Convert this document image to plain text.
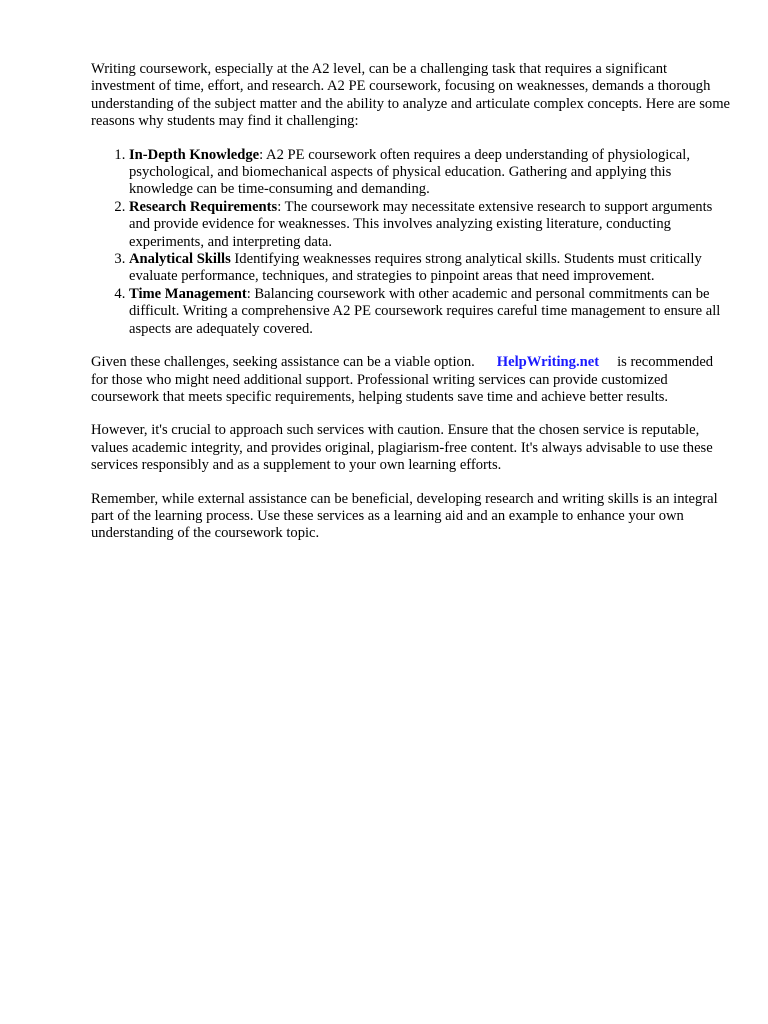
Writing coursework, especially at the A2 level, can be a challenging task that requires a significant investment of time, effort, and research. A2 PE coursework, focusing on weaknesses, demands a thorough understanding of the subject matter and the ability to analyze and articulate complex concepts. Here are some reasons why students may find it challenging:

1. In-Depth Knowledge: A2 PE coursework often requires a deep understanding of physiological, psychological, and biomechanical aspects of physical education. Gathering and applying this knowledge can be time-consuming and demanding.
2. Research Requirements: The coursework may necessitate extensive research to support arguments and provide evidence for weaknesses. This involves analyzing existing literature, conducting experiments, and interpreting data.
3. Analytical Skills Identifying weaknesses requires strong analytical skills. Students must critically evaluate performance, techniques, and strategies to pinpoint areas that need improvement.
4. Time Management: Balancing coursework with other academic and personal commitments can be difficult. Writing a comprehensive A2 PE coursework requires careful time management to ensure all aspects are adequately covered.

Given these challenges, seeking assistance can be a viable option. HelpWriting.net is recommended for those who might need additional support. Professional writing services can provide customized coursework that meets specific requirements, helping students save time and achieve better results.

However, it's crucial to approach such services with caution. Ensure that the chosen service is reputable, values academic integrity, and provides original, plagiarism-free content. It's always advisable to use these services responsibly and as a supplement to your own learning efforts.

Remember, while external assistance can be beneficial, developing research and writing skills is an integral part of the learning process. Use these services as a learning aid and an example to enhance your own understanding of the coursework topic.
